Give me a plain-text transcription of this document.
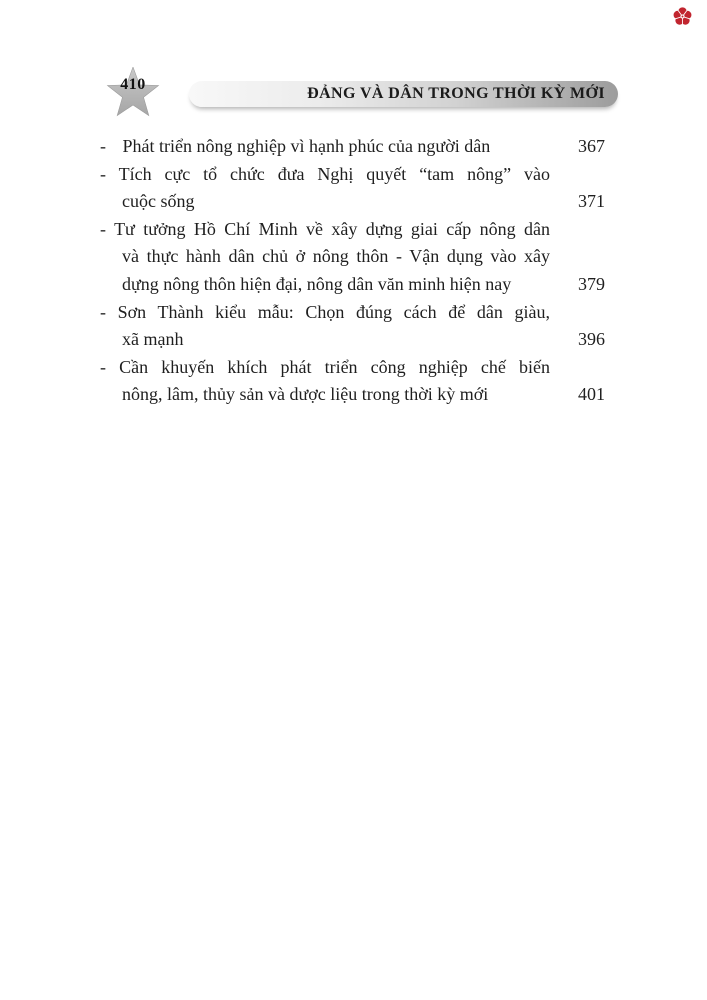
410
ĐẢNG VÀ DÂN TRONG THỜI KỲ MỚI
- Phát triển nông nghiệp vì hạnh phúc của người dân	367
- Tích cực tổ chức đưa Nghị quyết “tam nông” vào
cuộc sống	371
- Tư tưởng Hồ Chí Minh về xây dựng giai cấp nông dân
và thực hành dân chủ ở nông thôn - Vận dụng vào xây
dựng nông thôn hiện đại, nông dân văn minh hiện nay	379
- Sơn Thành kiểu mẫu: Chọn đúng cách để dân giàu,
xã mạnh	396
- Cần khuyến khích phát triển công nghiệp chế biến
nông, lâm, thủy sản và dược liệu trong thời kỳ mới	401
